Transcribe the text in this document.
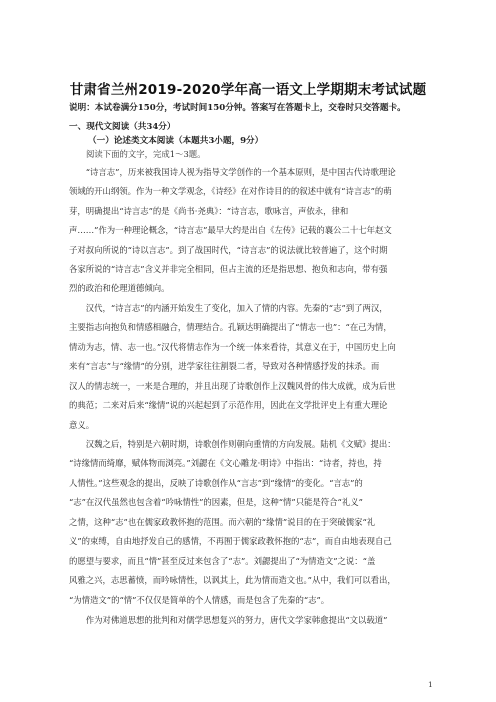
甘肃省兰州2019-2020学年高一语文上学期期末考试试题
说明：本试卷满分150分，考试时间150分钟。答案写在答题卡上，交卷时只交答题卡。
一、现代文阅读（共34分）
（一）论述类文本阅读（本题共3小题，9分）
阅读下面的文字，完成1～3题。
　　“诗言志”，历来被我国诗人视为指导文学创作的一个基本原则，是中国古代诗歌理论
领域的开山纲领。作为一种文学观念，《诗经》在对作诗目的的叙述中就有“诗言志”的萌
芽，明确提出“诗言志”的是《尚书·尧典》：“诗言志，歌咏言，声依永，律和
声……”作为一种理论概念，“诗言志”最早大约是出自《左传》记载的襄公二十七年赵文
子对叔向所说的“诗以言志”。到了战国时代，“诗言志”的说法就比较普遍了，这个时期
各家所说的“诗言志”含义并非完全相同，但占主流的还是指思想、抱负和志向，带有强
烈的政治和伦理道德倾向。
　　汉代，“诗言志”的内涵开始发生了变化，加入了情的内容。先秦的“志”到了两汉，
主要指志向抱负和情感相融合，情理结合。孔颖达明确提出了“情志一也”：“在己为情，
情动为志，情、志一也。”汉代将情志作为一个统一体来看待，其意义在于，中国历史上向
来有“言志”与“缘情”的分别，进学家往往割裂二者，导致对各种情感抒发的抹杀。而
汉人的情志统一，一来是合理的，并且出现了诗歌创作上汉魏风骨的伟大成就，成为后世
的典范；二来对后来“缘情”说的兴起起到了示范作用，因此在文学批评史上有重大理论
意义。
　　汉魏之后，特别是六朝时期，诗歌创作则朝向重情的方向发展。陆机《文赋》提出：
“诗缘情而绮靡，赋体物而浏亮。”刘勰在《文心雕龙·明诗》中指出：“诗者，持也，持
人情性。”这些观念的提出，反映了诗歌创作从“言志”到“缘情”的变化。“言志”的
“志”在汉代虽然也包含着“吟咏情性”的因素，但是，这种“情”只能是符合“礼义”
之情，这种“志”也在儒家政教怀抱的范围。而六朝的“缘情”说目的在于突破儒家“礼
义”的束缚，自由地抒发自己的感情，不再囿于儒家政教怀抱的“志”，而自由地表现自己
的愿望与要求，而且“情”甚至反过来包含了“志”。刘勰提出了“为情造文”之说：“盖
风雅之兴，志思蓄愤，而吟咏情性，以讽其上，此为情而造文也。”从中，我们可以看出，
“为情造文”的“情”不仅仅是简单的个人情感，而是包含了先秦的“志”。
　　作为对佛道思想的批判和对儒学思想复兴的努力，唐代文学家韩愈提出“文以载道”
1
